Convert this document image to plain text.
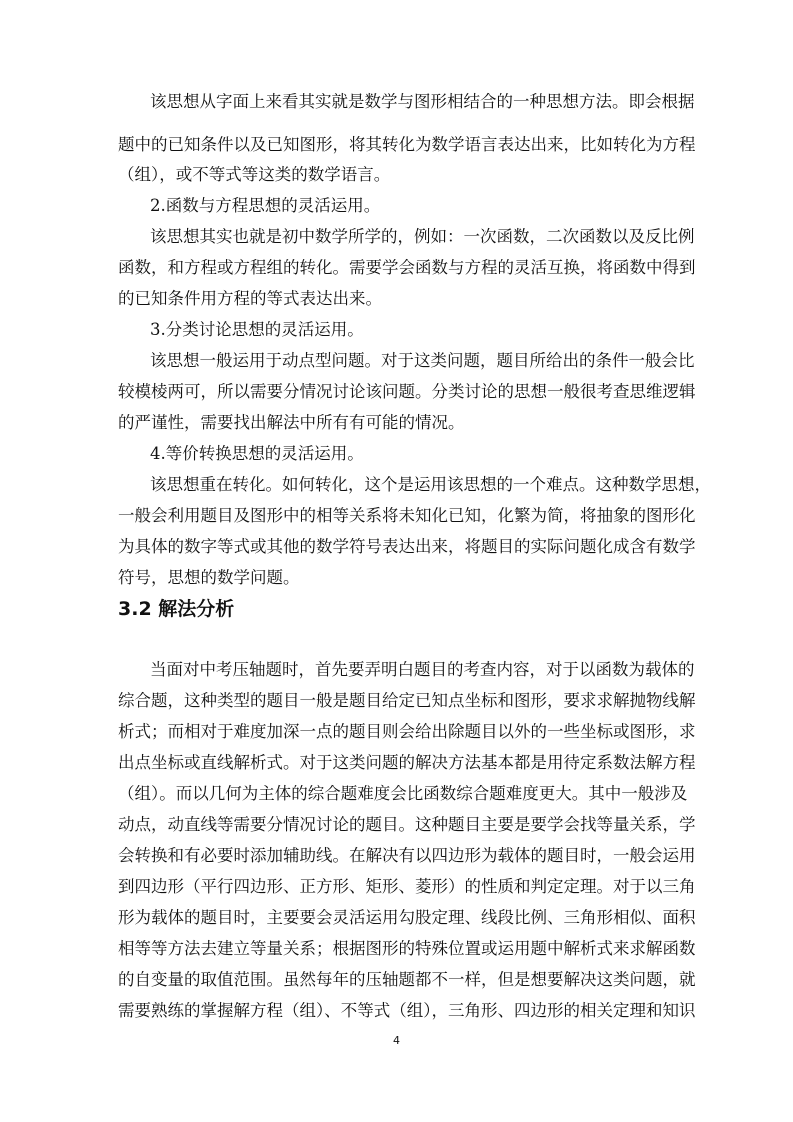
该思想从字面上来看其实就是数学与图形相结合的一种思想方法。即会根据
题中的已知条件以及已知图形，将其转化为数学语言表达出来，比如转化为方程
（组），或不等式等这类的数学语言。
2.函数与方程思想的灵活运用。
该思想其实也就是初中数学所学的，例如：一次函数，二次函数以及反比例
函数，和方程或方程组的转化。需要学会函数与方程的灵活互换，将函数中得到
的已知条件用方程的等式表达出来。
3.分类讨论思想的灵活运用。
该思想一般运用于动点型问题。对于这类问题，题目所给出的条件一般会比
较模棱两可，所以需要分情况讨论该问题。分类讨论的思想一般很考查思维逻辑
的严谨性，需要找出解法中所有有可能的情况。
4.等价转换思想的灵活运用。
该思想重在转化。如何转化，这个是运用该思想的一个难点。这种数学思想，
一般会利用题目及图形中的相等关系将未知化已知，化繁为简，将抽象的图形化
为具体的数字等式或其他的数学符号表达出来，将题目的实际问题化成含有数学
符号，思想的数学问题。
3.2 解法分析
当面对中考压轴题时，首先要弄明白题目的考查内容，对于以函数为载体的
综合题，这种类型的题目一般是题目给定已知点坐标和图形，要求求解抛物线解
析式；而相对于难度加深一点的题目则会给出除题目以外的一些坐标或图形，求
出点坐标或直线解析式。对于这类问题的解决方法基本都是用待定系数法解方程
（组）。而以几何为主体的综合题难度会比函数综合题难度更大。其中一般涉及
动点，动直线等需要分情况讨论的题目。这种题目主要是要学会找等量关系，学
会转换和有必要时添加辅助线。在解决有以四边形为载体的题目时，一般会运用
到四边形（平行四边形、正方形、矩形、菱形）的性质和判定定理。对于以三角
形为载体的题目时，主要要会灵活运用勾股定理、线段比例、三角形相似、面积
相等等方法去建立等量关系；根据图形的特殊位置或运用题中解析式来求解函数
的自变量的取值范围。虽然每年的压轴题都不一样，但是想要解决这类问题，就
需要熟练的掌握解方程（组）、不等式（组），三角形、四边形的相关定理和知识
4
